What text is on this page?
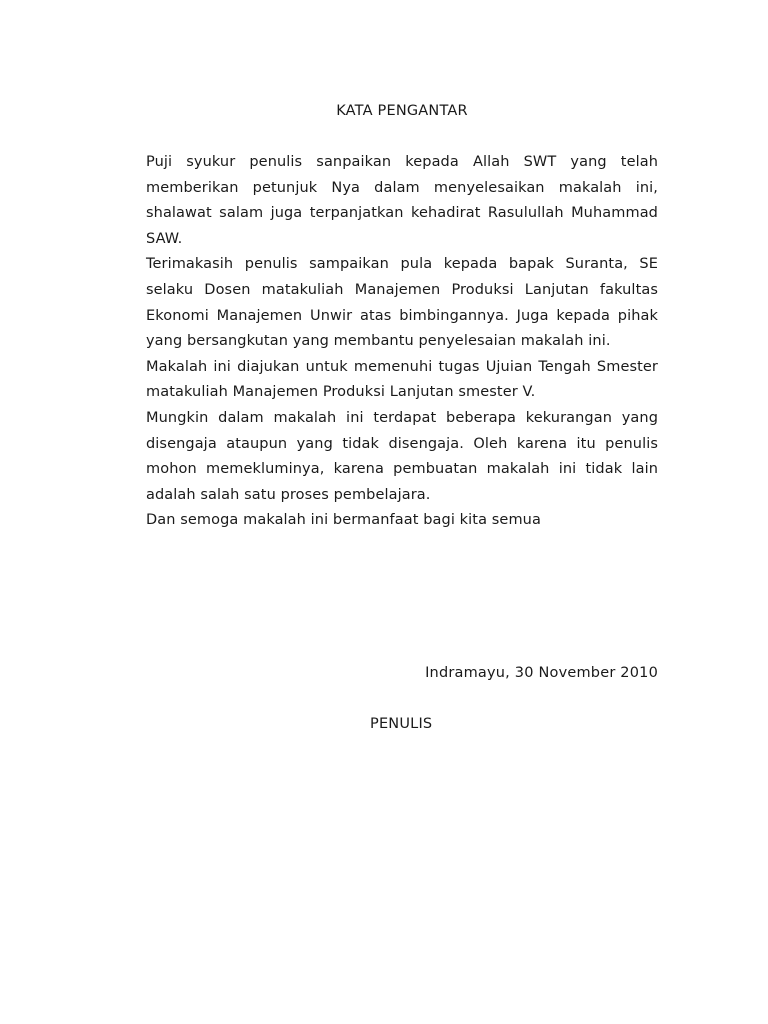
KATA PENGANTAR

Puji syukur penulis sanpaikan kepada Allah SWT yang telah memberikan petunjuk Nya dalam menyelesaikan makalah ini, shalawat salam juga terpanjatkan kehadirat Rasulullah Muhammad SAW.

Terimakasih penulis sampaikan pula kepada bapak Suranta, SE selaku Dosen matakuliah Manajemen Produksi Lanjutan fakultas Ekonomi Manajemen Unwir atas bimbingannya. Juga kepada pihak yang bersangkutan yang membantu penyelesaian makalah ini.

Makalah ini diajukan untuk memenuhi tugas Ujuian Tengah Smester matakuliah Manajemen Produksi Lanjutan smester V.

Mungkin dalam makalah ini terdapat beberapa kekurangan yang disengaja ataupun yang tidak disengaja. Oleh karena itu penulis mohon memekluminya, karena pembuatan makalah ini tidak lain adalah salah satu proses pembelajara.

Dan semoga makalah ini bermanfaat bagi kita semua

Indramayu, 30 November 2010
PENULIS
